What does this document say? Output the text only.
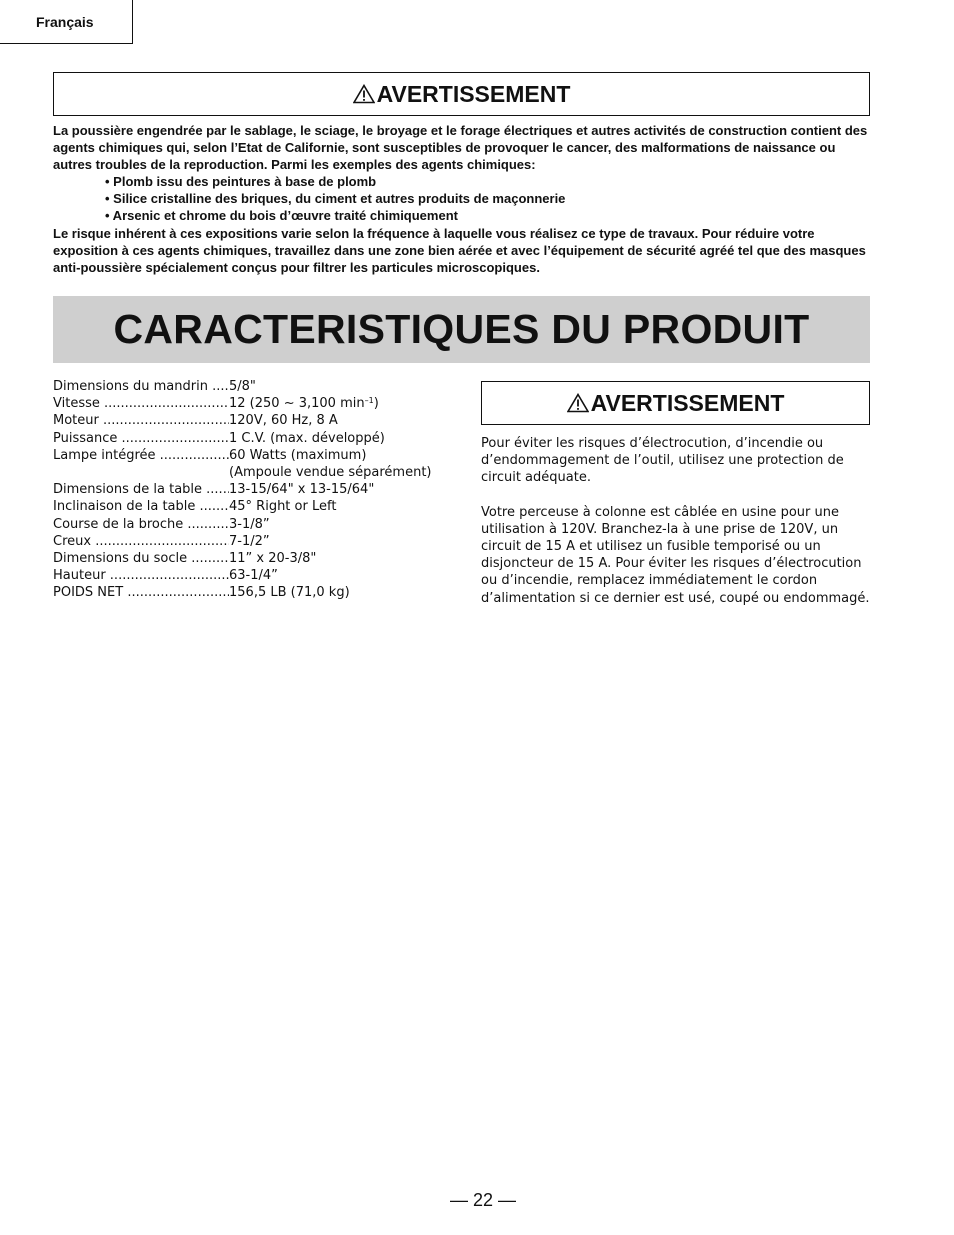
Français
AVERTISSEMENT

La poussière engendrée par le sablage, le sciage, le broyage et le forage électriques et autres activités de construction contient des agents chimiques qui, selon l’Etat de Californie, sont susceptibles de provoquer le cancer, des malformations de naissance ou autres troubles de la reproduction. Parmi les exemples des agents chimiques:

• Plomb issu des peintures à base de plomb

• Silice cristalline des briques, du ciment et autres produits de maçonnerie

• Arsenic et chrome du bois d’œuvre traité chimiquement

Le risque inhérent à ces expositions varie selon la fréquence à laquelle vous réalisez ce type de travaux. Pour réduire votre exposition à ces agents chimiques, travaillez dans une zone bien aérée et avec l’équipement de sécurité agréé tel que des masques anti-poussière spécialement conçus pour filtrer les particules microscopiques.

CARACTERISTIQUES DU PRODUIT
Dimensions du mandrin .....	5/8"
Vitesse .....	12 (250 ~ 3,100 $\min^{-1}$)
Moteur .....	120V, 60 Hz, 8 A
Puissance .....	1 C.V. (max. développé)
Lampe intégrée .....	60 Watts (maximum)
(Ampoule vendue séparément)
Dimensions de la table .....	13-15/64" x 13-15/64"
Inclinaison de la table .....	45° Right or Left
Course de la broche .....	3-1/8”
Creux .....	7-1/2”
Dimensions du socle .....	11” x 20-3/8"
Hauteur .....	63-1/4”
POIDS NET .....	156,5 LB (71,0 kg)
AVERTISSEMENT

Pour éviter les risques d’électrocution, d’incendie ou d’endommagement de l’outil, utilisez une protection de circuit adéquate.

Votre perceuse à colonne est câblée en usine pour une utilisation à 120V. Branchez-la à une prise de 120V, un circuit de 15 A et utilisez un fusible temporisé ou un disjoncteur de 15 A. Pour éviter les risques d’électrocution ou d’incendie, remplacez immédiatement le cordon d’alimentation si ce dernier est usé, coupé ou endommagé.

— 22 —
